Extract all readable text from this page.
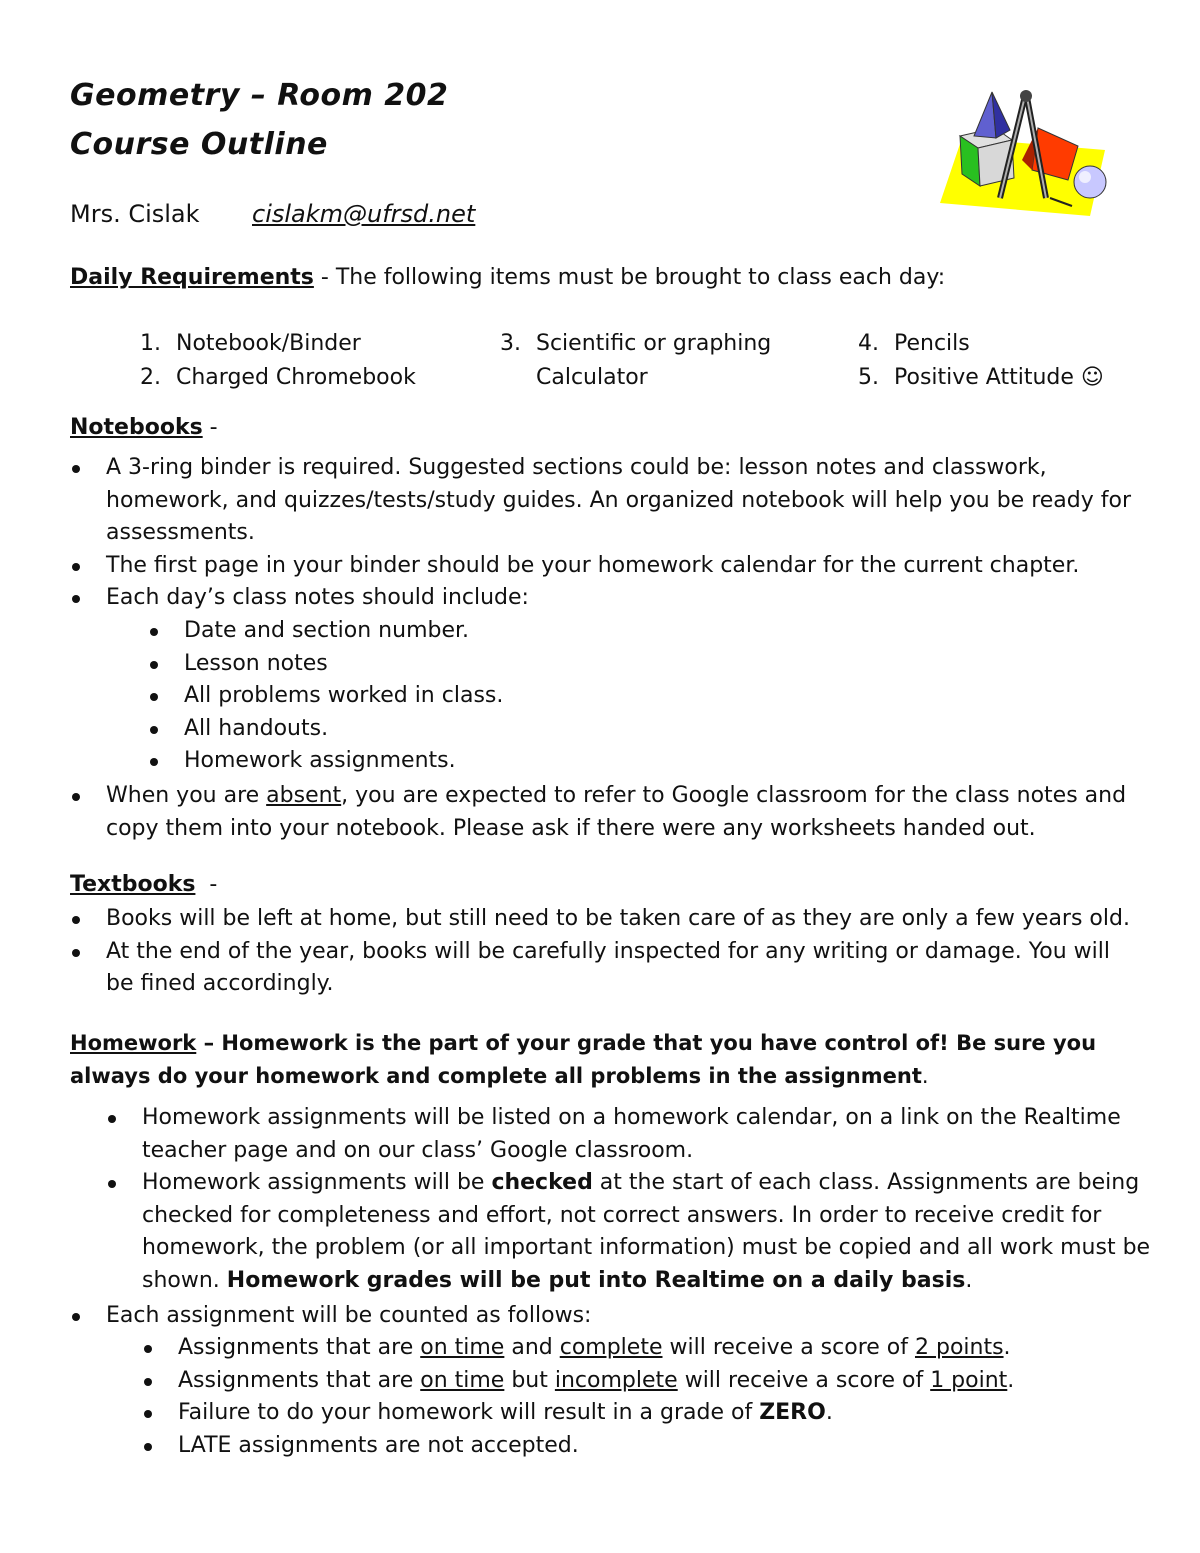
Geometry – Room 202
Course Outline
Mrs. Cislak cislakm@ufrsd.net
Daily Requirements - The following items must be brought to class each day:
1. Notebook/Binder
2. Charged Chromebook
3. Scientific or graphing
Calculator
4. Pencils
5. Positive Attitude ☺
Notebooks -
A 3-ring binder is required. Suggested sections could be: lesson notes and classwork,
homework, and quizzes/tests/study guides. An organized notebook will help you be ready for
assessments.
The first page in your binder should be your homework calendar for the current chapter.
Each day’s class notes should include:
Date and section number.
Lesson notes
All problems worked in class.
All handouts.
Homework assignments.
When you are absent, you are expected to refer to Google classroom for the class notes and
copy them into your notebook. Please ask if there were any worksheets handed out.
Textbooks  -
Books will be left at home, but still need to be taken care of as they are only a few years old.
At the end of the year, books will be carefully inspected for any writing or damage. You will
be fined accordingly.
Homework – Homework is the part of your grade that you have control of! Be sure you always do your homework and complete all problems in the assignment.
Homework assignments will be listed on a homework calendar, on a link on the Realtime
teacher page and on our class’ Google classroom.
Homework assignments will be checked at the start of each class. Assignments are being
checked for completeness and effort, not correct answers. In order to receive credit for
homework, the problem (or all important information) must be copied and all work must be
shown. Homework grades will be put into Realtime on a daily basis.
Each assignment will be counted as follows:
Assignments that are on time and complete will receive a score of 2 points.
Assignments that are on time but incomplete will receive a score of 1 point.
Failure to do your homework will result in a grade of ZERO.
LATE assignments are not accepted.
